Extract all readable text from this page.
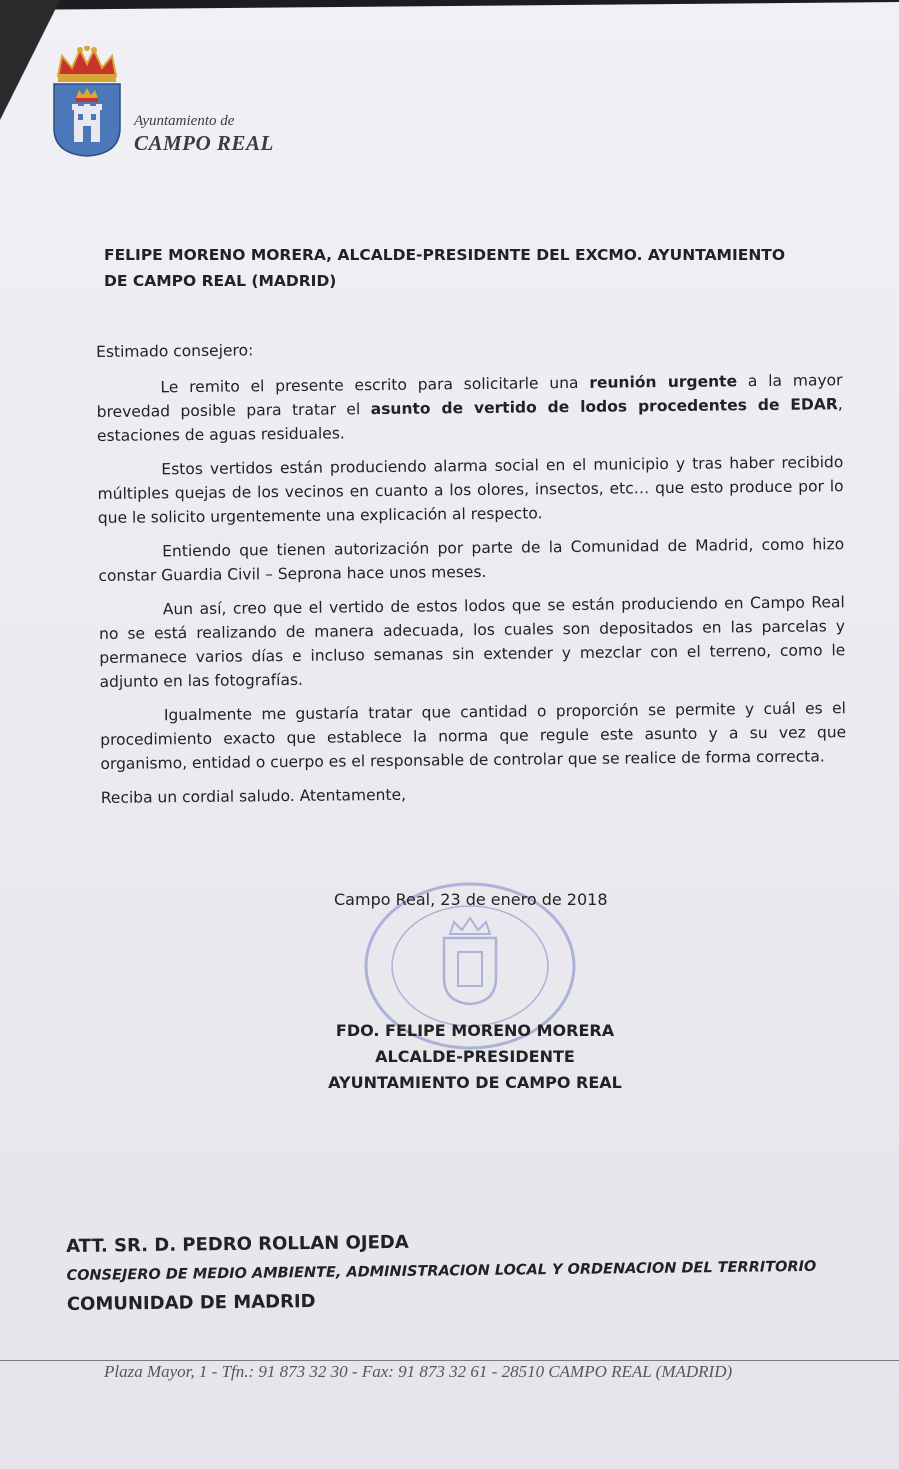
Ayuntamiento de
CAMPO REAL
FELIPE MORENO MORERA, ALCALDE-PRESIDENTE DEL EXCMO. AYUNTAMIENTO DE CAMPO REAL (MADRID)

Estimado consejero:

Le remito el presente escrito para solicitarle una reunión urgente a la mayor brevedad posible para tratar el asunto de vertido de lodos procedentes de EDAR, estaciones de aguas residuales.

Estos vertidos están produciendo alarma social en el municipio y tras haber recibido múltiples quejas de los vecinos en cuanto a los olores, insectos, etc… que esto produce por lo que le solicito urgentemente una explicación al respecto.

Entiendo que tienen autorización por parte de la Comunidad de Madrid, como hizo constar Guardia Civil – Seprona hace unos meses.

Aun así, creo que el vertido de estos lodos que se están produciendo en Campo Real no se está realizando de manera adecuada, los cuales son depositados en las parcelas y permanece varios días e incluso semanas sin extender y mezclar con el terreno, como le adjunto en las fotografías.

Igualmente me gustaría tratar que cantidad o proporción se permite y cuál es el procedimiento exacto que establece la norma que regule este asunto y a su vez que organismo, entidad o cuerpo es el responsable de controlar que se realice de forma correcta.

Reciba un cordial saludo. Atentamente,

Campo Real, 23 de enero de 2018
FDO. FELIPE MORENO MORERA
ALCALDE-PRESIDENTE
AYUNTAMIENTO DE CAMPO REAL
ATT. SR. D. PEDRO ROLLAN OJEDA
CONSEJERO DE MEDIO AMBIENTE, ADMINISTRACION LOCAL Y ORDENACION DEL TERRITORIO
COMUNIDAD DE MADRID
Plaza Mayor, 1 - Tfn.: 91 873 32 30 - Fax: 91 873 32 61 - 28510 CAMPO REAL (MADRID)
